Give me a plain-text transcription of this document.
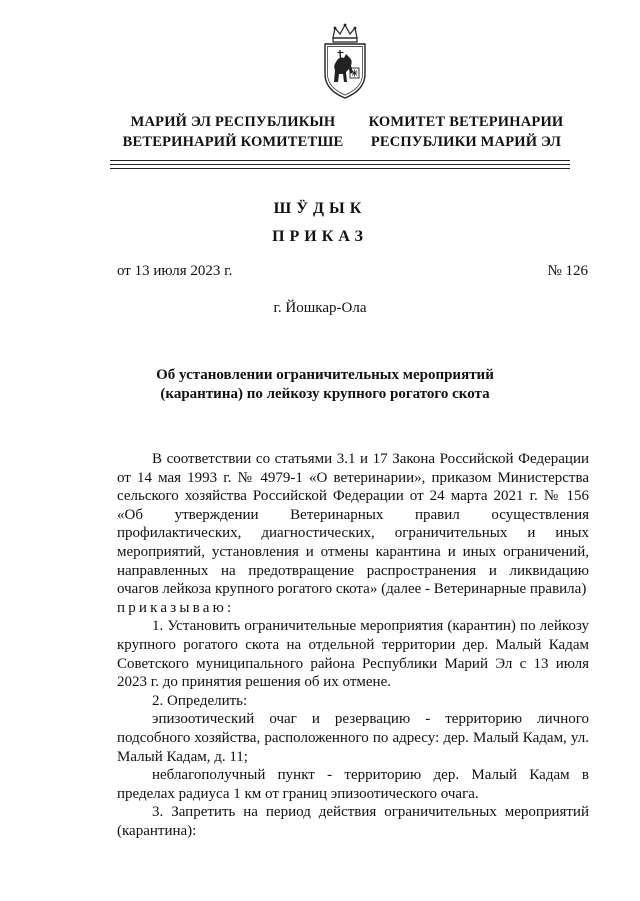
МАРИЙ ЭЛ РЕСПУБЛИКЫН
ВЕТЕРИНАРИЙ КОМИТЕТШЕ
КОМИТЕТ ВЕТЕРИНАРИИ
РЕСПУБЛИКИ МАРИЙ ЭЛ
ШӰДЫК
ПРИКАЗ
от 13 июля 2023 г.	№ 126
г. Йошкар-Ола
Об установлении ограничительных мероприятий
(карантина) по лейкозу крупного рогатого скота

В соответствии со статьями 3.1 и 17 Закона Российской Федерации от 14 мая 1993 г. № 4979-1 «О ветеринарии», приказом Министерства сельского хозяйства Российской Федерации от 24 марта 2021 г. № 156 «Об утверждении Ветеринарных правил осуществления профилактических, диагностических, ограничительных и иных мероприятий, установления и отмены карантина и иных ограничений, направленных на предотвращение распространения и ликвидацию очагов лейкоза крупного рогатого скота» (далее - Ветеринарные правила)

приказываю:

1. Установить ограничительные мероприятия (карантин) по лейкозу крупного рогатого скота на отдельной территории дер. Малый Кадам Советского муниципального района Республики Марий Эл с 13 июля 2023 г. до принятия решения об их отмене.

2. Определить:

эпизоотический очаг и резервацию - территорию личного подсобного хозяйства, расположенного по адресу: дер. Малый Кадам, ул. Малый Кадам, д. 11;

неблагополучный пункт - территорию дер. Малый Кадам в пределах радиуса 1 км от границ эпизоотического очага.

3. Запретить на период действия ограничительных мероприятий (карантина):
